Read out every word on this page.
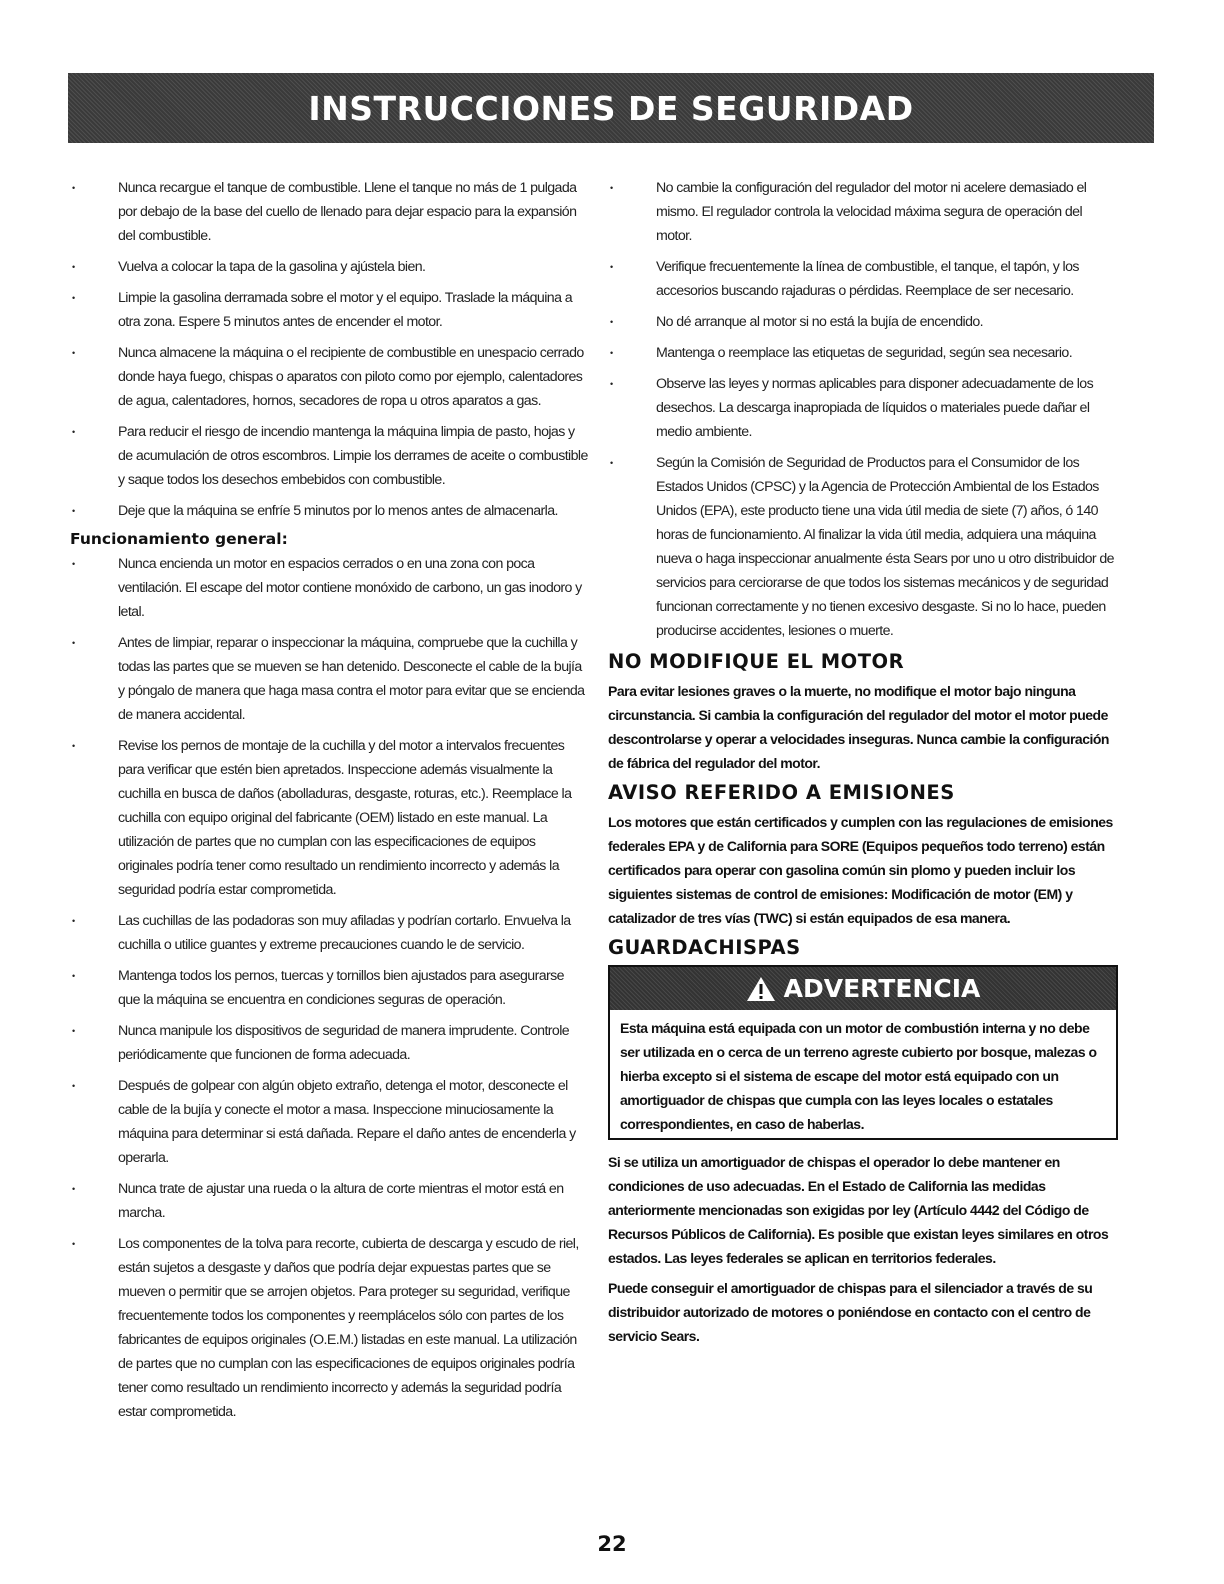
INSTRUCCIONES DE SEGURIDAD
• Nunca recargue el tanque de combustible. Llene el tanque no más de 1 pulgada por debajo de la base del cuello de llenado para dejar espacio para la expansión del combustible.
• Vuelva a colocar la tapa de la gasolina y ajústela bien.
• Limpie la gasolina derramada sobre el motor y el equipo. Traslade la máquina a otra zona. Espere 5 minutos antes de encender el motor.
• Nunca almacene la máquina o el recipiente de combustible en unespacio cerrado donde haya fuego, chispas o aparatos con piloto como por ejemplo, calentadores de agua, calentadores, hornos, secadores de ropa u otros aparatos a gas.
• Para reducir el riesgo de incendio mantenga la máquina limpia de pasto, hojas y de acumulación de otros escombros. Limpie los derrames de aceite o combustible y saque todos los desechos embebidos con combustible.
• Deje que la máquina se enfríe 5 minutos por lo menos antes de almacenarla.
Funcionamiento general:
• Nunca encienda un motor en espacios cerrados o en una zona con poca ventilación. El escape del motor contiene monóxido de carbono, un gas inodoro y letal.
• Antes de limpiar, reparar o inspeccionar la máquina, compruebe que la cuchilla y todas las partes que se mueven se han detenido. Desconecte el cable de la bujía y póngalo de manera que haga masa contra el motor para evitar que se encienda de manera accidental.
• Revise los pernos de montaje de la cuchilla y del motor a intervalos frecuentes para verificar que estén bien apretados. Inspeccione además visualmente la cuchilla en busca de daños (abolladuras, desgaste, roturas, etc.). Reemplace la cuchilla con equipo original del fabricante (OEM) listado en este manual. La utilización de partes que no cumplan con las especificaciones de equipos originales podría tener como resultado un rendimiento incorrecto y además la seguridad podría estar comprometida.
• Las cuchillas de las podadoras son muy afiladas y podrían cortarlo. Envuelva la cuchilla o utilice guantes y extreme precauciones cuando le de servicio.
• Mantenga todos los pernos, tuercas y tornillos bien ajustados para asegurarse que la máquina se encuentra en condiciones seguras de operación.
• Nunca manipule los dispositivos de seguridad de manera imprudente. Controle periódicamente que funcionen de forma adecuada.
• Después de golpear con algún objeto extraño, detenga el motor, desconecte el cable de la bujía y conecte el motor a masa. Inspeccione minuciosamente la máquina para determinar si está dañada. Repare el daño antes de encenderla y operarla.
• Nunca trate de ajustar una rueda o la altura de corte mientras el motor está en marcha.
• Los componentes de la tolva para recorte, cubierta de descarga y escudo de riel, están sujetos a desgaste y daños que podría dejar expuestas partes que se mueven o permitir que se arrojen objetos. Para proteger su seguridad, verifique frecuentemente todos los componentes y reemplácelos sólo con partes de los fabricantes de equipos originales (O.E.M.) listadas en este manual. La utilización de partes que no cumplan con las especificaciones de equipos originales podría tener como resultado un rendimiento incorrecto y además la seguridad podría estar comprometida.
• No cambie la configuración del regulador del motor ni acelere demasiado el mismo. El regulador controla la velocidad máxima segura de operación del motor.
• Verifique frecuentemente la línea de combustible, el tanque, el tapón, y los accesorios buscando rajaduras o pérdidas. Reemplace de ser necesario.
• No dé arranque al motor si no está la bujía de encendido.
• Mantenga o reemplace las etiquetas de seguridad, según sea necesario.
• Observe las leyes y normas aplicables para disponer adecuadamente de los desechos. La descarga inapropiada de líquidos o materiales puede dañar el medio ambiente.
• Según la Comisión de Seguridad de Productos para el Consumidor de los Estados Unidos (CPSC) y la Agencia de Protección Ambiental de los Estados Unidos (EPA), este producto tiene una vida útil media de siete (7) años, ó 140 horas de funcionamiento. Al finalizar la vida útil media, adquiera una máquina nueva o haga inspeccionar anualmente ésta Sears por uno u otro distribuidor de servicios para cerciorarse de que todos los sistemas mecánicos y de seguridad funcionan correctamente y no tienen excesivo desgaste. Si no lo hace, pueden producirse accidentes, lesiones o muerte.
NO MODIFIQUE EL MOTOR

Para evitar lesiones graves o la muerte, no modifique el motor bajo ninguna circunstancia. Si cambia la configuración del regulador del motor el motor puede descontrolarse y operar a velocidades inseguras. Nunca cambie la configuración de fábrica del regulador del motor.

AVISO REFERIDO A EMISIONES

Los motores que están certificados y cumplen con las regulaciones de emisiones federales EPA y de California para SORE (Equipos pequeños todo terreno) están certificados para operar con gasolina común sin plomo y pueden incluir los siguientes sistemas de control de emisiones: Modificación de motor (EM) y catalizador de tres vías (TWC) si están equipados de esa manera.

GUARDACHISPAS
ADVERTENCIA

Esta máquina está equipada con un motor de combustión interna y no debe ser utilizada en o cerca de un terreno agreste cubierto por bosque, malezas o hierba excepto si el sistema de escape del motor está equipado con un amortiguador de chispas que cumpla con las leyes locales o estatales correspondientes, en caso de haberlas.

Si se utiliza un amortiguador de chispas el operador lo debe mantener en condiciones de uso adecuadas. En el Estado de California las medidas anteriormente mencionadas son exigidas por ley (Artículo 4442 del Código de Recursos Públicos de California). Es posible que existan leyes similares en otros estados. Las leyes federales se aplican en territorios federales.

Puede conseguir el amortiguador de chispas para el silenciador a través de su distribuidor autorizado de motores o poniéndose en contacto con el centro de servicio Sears.

22
